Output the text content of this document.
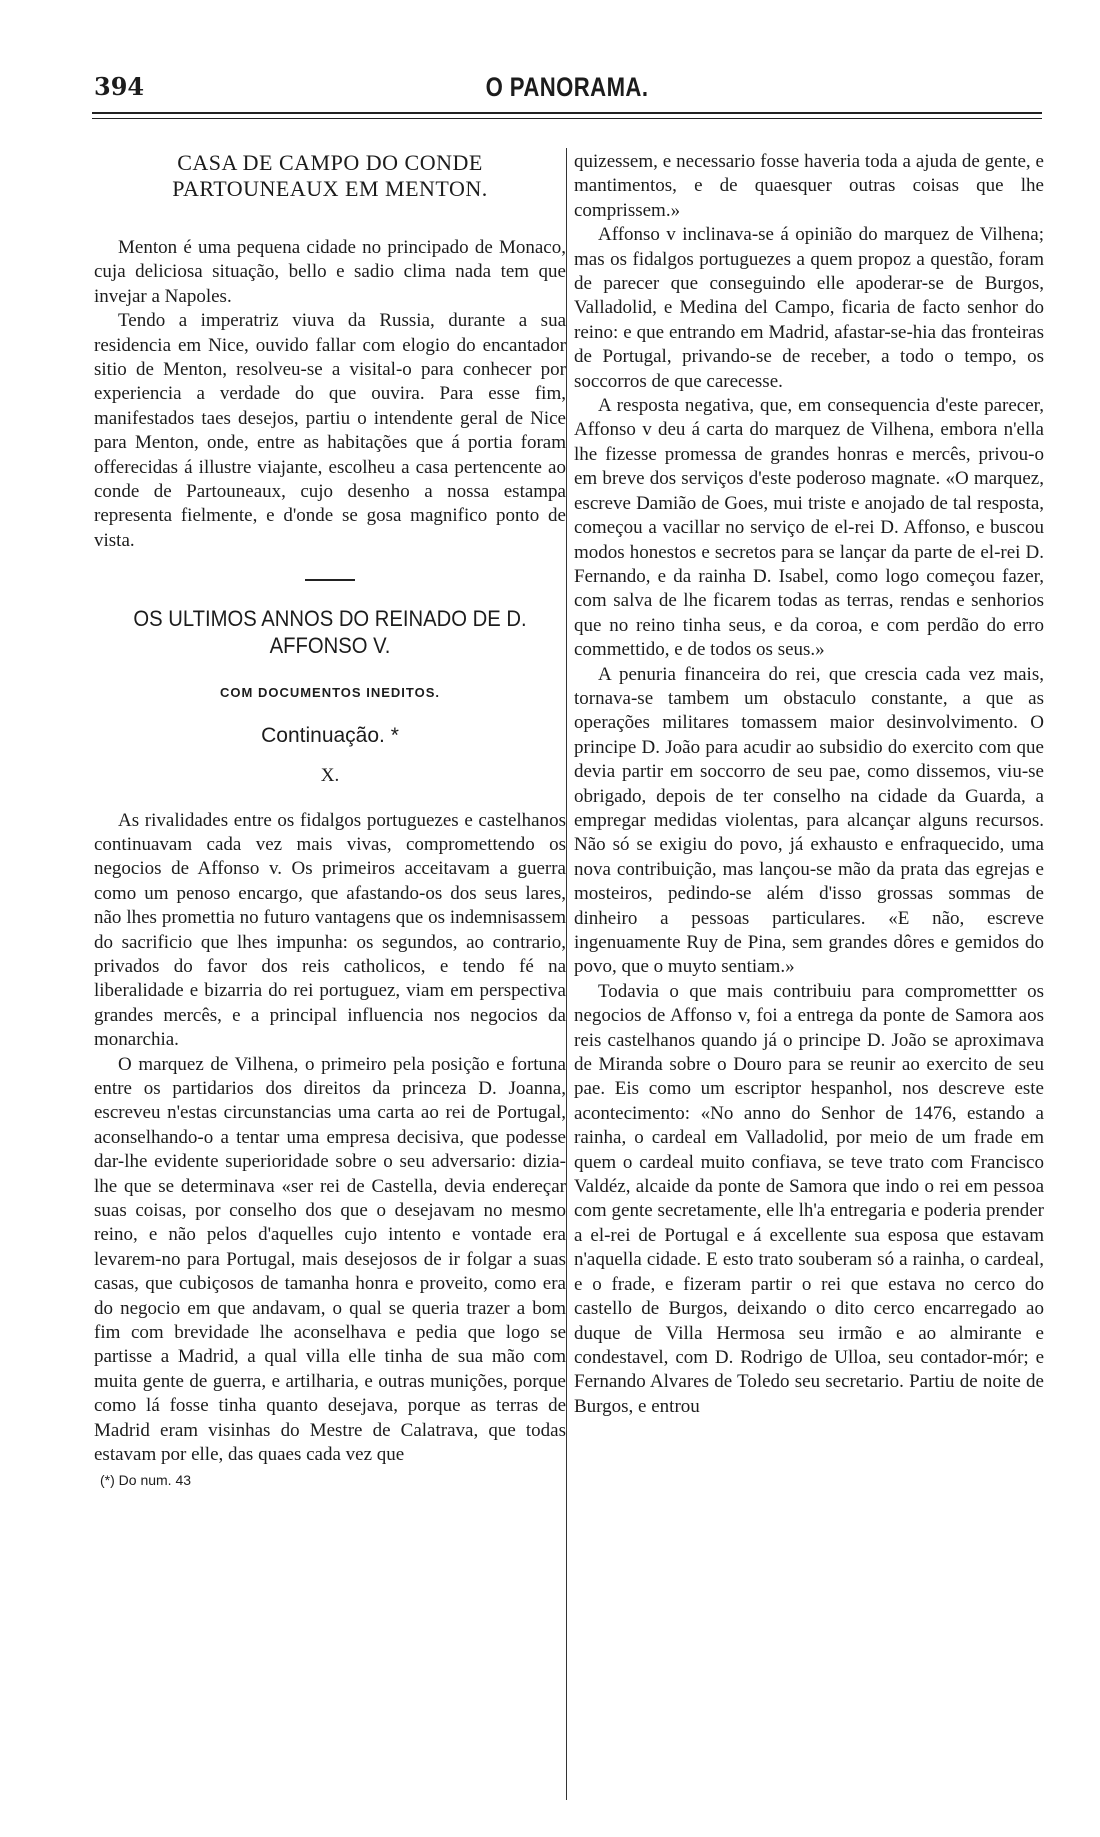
394	O PANORAMA.
CASA DE CAMPO DO CONDE PARTOUNEAUX EM MENTON.

Menton é uma pequena cidade no principado de Monaco, cuja deliciosa situação, bello e sadio clima nada tem que invejar a Napoles.

Tendo a imperatriz viuva da Russia, durante a sua residencia em Nice, ouvido fallar com elogio do encantador sitio de Menton, resolveu-se a visital-o para conhecer por experiencia a verdade do que ouvira. Para esse fim, manifestados taes desejos, partiu o intendente geral de Nice para Menton, onde, entre as habitações que á portia foram offerecidas á illustre viajante, escolheu a casa pertencente ao conde de Partouneaux, cujo desenho a nossa estampa representa fielmente, e d'onde se gosa magnifico ponto de vista.

OS ULTIMOS ANNOS DO REINADO DE D. AFFONSO V.
COM DOCUMENTOS INEDITOS.
Continuação. *
X.

As rivalidades entre os fidalgos portuguezes e castelhanos continuavam cada vez mais vivas, compromettendo os negocios de Affonso v. Os primeiros acceitavam a guerra como um penoso encargo, que afastando-os dos seus lares, não lhes promettia no futuro vantagens que os indemnisassem do sacrificio que lhes impunha: os segundos, ao contrario, privados do favor dos reis catholicos, e tendo fé na liberalidade e bizarria do rei portuguez, viam em perspectiva grandes mercês, e a principal influencia nos negocios da monarchia.

O marquez de Vilhena, o primeiro pela posição e fortuna entre os partidarios dos direitos da princeza D. Joanna, escreveu n'estas circunstancias uma carta ao rei de Portugal, aconselhando-o a tentar uma empresa decisiva, que podesse dar-lhe evidente superioridade sobre o seu adversario: dizia-lhe que se determinava «ser rei de Castella, devia endereçar suas coisas, por conselho dos que o desejavam no mesmo reino, e não pelos d'aquelles cujo intento e vontade era levarem-no para Portugal, mais desejosos de ir folgar a suas casas, que cubiçosos de tamanha honra e proveito, como era do negocio em que andavam, o qual se queria trazer a bom fim com brevidade lhe aconselhava e pedia que logo se partisse a Madrid, a qual villa elle tinha de sua mão com muita gente de guerra, e artilharia, e outras munições, porque como lá fosse tinha quanto desejava, porque as terras de Madrid eram visinhas do Mestre de Calatrava, que todas estavam por elle, das quaes cada vez que

(*) Do num. 43

quizessem, e necessario fosse haveria toda a ajuda de gente, e mantimentos, e de quaesquer outras coisas que lhe comprissem.»

Affonso v inclinava-se á opinião do marquez de Vilhena; mas os fidalgos portuguezes a quem propoz a questão, foram de parecer que conseguindo elle apoderar-se de Burgos, Valladolid, e Medina del Campo, ficaria de facto senhor do reino: e que entrando em Madrid, afastar-se-hia das fronteiras de Portugal, privando-se de receber, a todo o tempo, os soccorros de que carecesse.

A resposta negativa, que, em consequencia d'este parecer, Affonso v deu á carta do marquez de Vilhena, embora n'ella lhe fizesse promessa de grandes honras e mercês, privou-o em breve dos serviços d'este poderoso magnate. «O marquez, escreve Damião de Goes, mui triste e anojado de tal resposta, começou a vacillar no serviço de el-rei D. Affonso, e buscou modos honestos e secretos para se lançar da parte de el-rei D. Fernando, e da rainha D. Isabel, como logo começou fazer, com salva de lhe ficarem todas as terras, rendas e senhorios que no reino tinha seus, e da coroa, e com perdão do erro commettido, e de todos os seus.»

A penuria financeira do rei, que crescia cada vez mais, tornava-se tambem um obstaculo constante, a que as operações militares tomassem maior desinvolvimento. O principe D. João para acudir ao subsidio do exercito com que devia partir em soccorro de seu pae, como dissemos, viu-se obrigado, depois de ter conselho na cidade da Guarda, a empregar medidas violentas, para alcançar alguns recursos. Não só se exigiu do povo, já exhausto e enfraquecido, uma nova contribuição, mas lançou-se mão da prata das egrejas e mosteiros, pedindo-se além d'isso grossas sommas de dinheiro a pessoas particulares. «E não, escreve ingenuamente Ruy de Pina, sem grandes dôres e gemidos do povo, que o muyto sentiam.»

Todavia o que mais contribuiu para compromettter os negocios de Affonso v, foi a entrega da ponte de Samora aos reis castelhanos quando já o principe D. João se aproximava de Miranda sobre o Douro para se reunir ao exercito de seu pae. Eis como um escriptor hespanhol, nos descreve este acontecimento: «No anno do Senhor de 1476, estando a rainha, o cardeal em Valladolid, por meio de um frade em quem o cardeal muito confiava, se teve trato com Francisco Valdéz, alcaide da ponte de Samora que indo o rei em pessoa com gente secretamente, elle lh'a entregaria e poderia prender a el-rei de Portugal e á excellente sua esposa que estavam n'aquella cidade. E esto trato souberam só a rainha, o cardeal, e o frade, e fizeram partir o rei que estava no cerco do castello de Burgos, deixando o dito cerco encarregado ao duque de Villa Hermosa seu irmão e ao almirante e condestavel, com D. Rodrigo de Ulloa, seu contador-mór; e Fernando Alvares de Toledo seu secretario. Partiu de noite de Burgos, e entrou
